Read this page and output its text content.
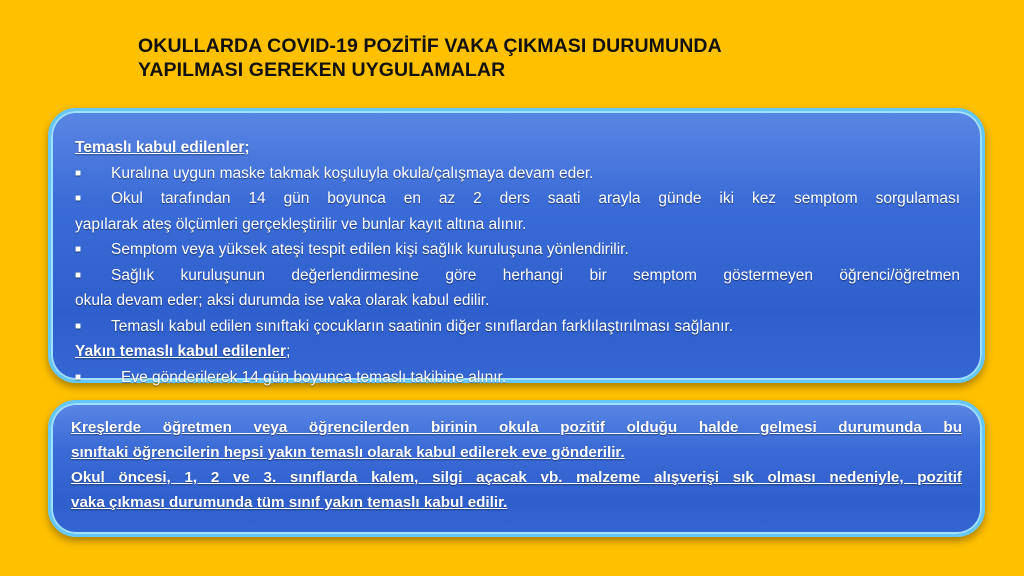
OKULLARDA COVID-19 POZİTİF VAKA ÇIKMASI DURUMUNDA
YAPILMASI GEREKEN UYGULAMALAR

Temaslı kabul edilenler;

■ Kuralına uygun maske takmak koşuluyla okula/çalışmaya devam eder.

■ Okul tarafından 14 gün boyunca en az 2 ders saati arayla günde iki kez semptom sorgulaması

yapılarak ateş ölçümleri gerçekleştirilir ve bunlar kayıt altına alınır.

■ Semptom veya yüksek ateşi tespit edilen kişi sağlık kuruluşuna yönlendirilir.

■ Sağlık kuruluşunun değerlendirmesine göre herhangi bir semptom göstermeyen öğrenci/öğretmen

okula devam eder; aksi durumda ise vaka olarak kabul edilir.

■ Temaslı kabul edilen sınıftaki çocukların saatinin diğer sınıflardan farklılaştırılması sağlanır.

Yakın temaslı kabul edilenler;

■	Eve gönderilerek 14 gün boyunca temaslı takibine alınır.

Kreşlerde öğretmen veya öğrencilerden birinin okula pozitif olduğu halde gelmesi durumunda bu

sınıftaki öğrencilerin hepsi yakın temaslı olarak kabul edilerek eve gönderilir.

Okul öncesi, 1, 2 ve 3. sınıflarda kalem, silgi açacak vb. malzeme alışverişi sık olması nedeniyle, pozitif

vaka çıkması durumunda tüm sınıf yakın temaslı kabul edilir.
